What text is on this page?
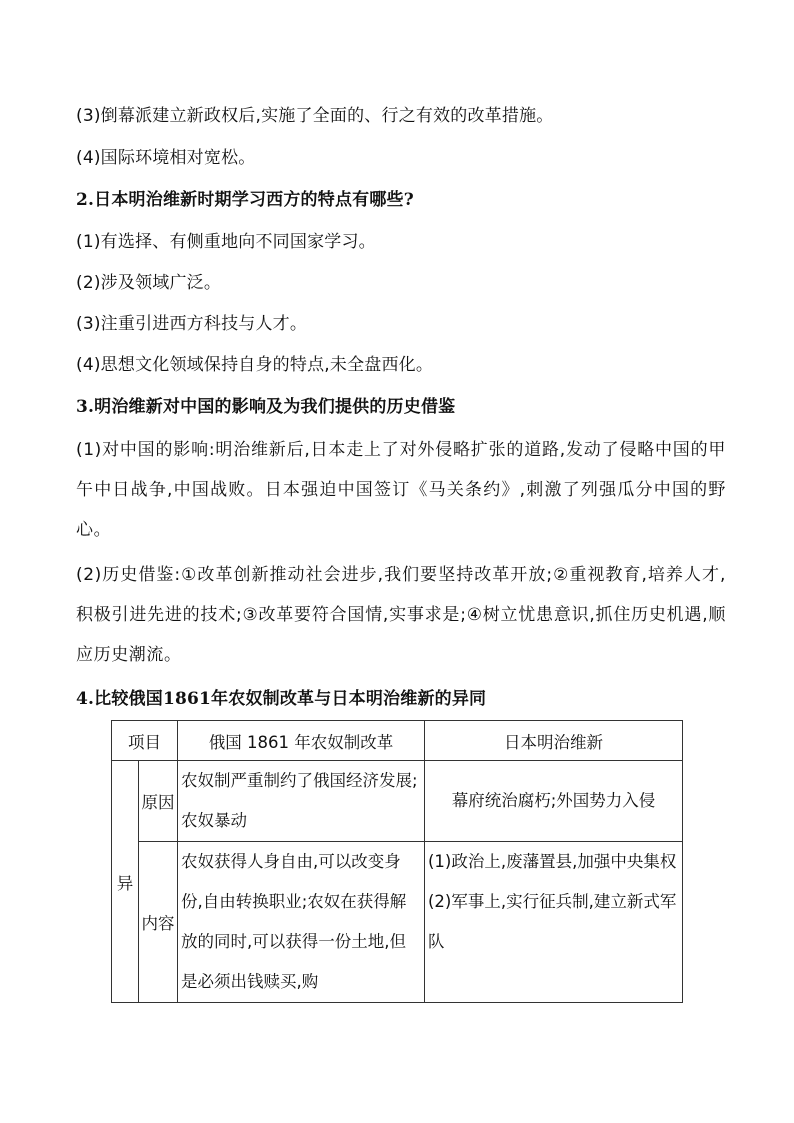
(3)倒幕派建立新政权后,实施了全面的、行之有效的改革措施。
(4)国际环境相对宽松。
2.日本明治维新时期学习西方的特点有哪些?
(1)有选择、有侧重地向不同国家学习。
(2)涉及领域广泛。
(3)注重引进西方科技与人才。
(4)思想文化领域保持自身的特点,未全盘西化。
3.明治维新对中国的影响及为我们提供的历史借鉴
(1)对中国的影响:明治维新后,日本走上了对外侵略扩张的道路,发动了侵略中国的甲午中日战争,中国战败。日本强迫中国签订《马关条约》,刺激了列强瓜分中国的野心。
(2)历史借鉴:①改革创新推动社会进步,我们要坚持改革开放;②重视教育,培养人才,积极引进先进的技术;③改革要符合国情,实事求是;④树立忧患意识,抓住历史机遇,顺应历史潮流。
4.比较俄国1861年农奴制改革与日本明治维新的异同
项目		俄国 1861 年农奴制改革	日本明治维新
异	原因	农奴制严重制约了俄国经济发展;农奴暴动	幕府统治腐朽;外国势力入侵
	内容	农奴获得人身自由,可以改变身份,自由转换职业;农奴在获得解放的同时,可以获得一份土地,但是必须出钱赎买,购	(1)政治上,废藩置县,加强中央集权
(2)军事上,实行征兵制,建立新式军队
